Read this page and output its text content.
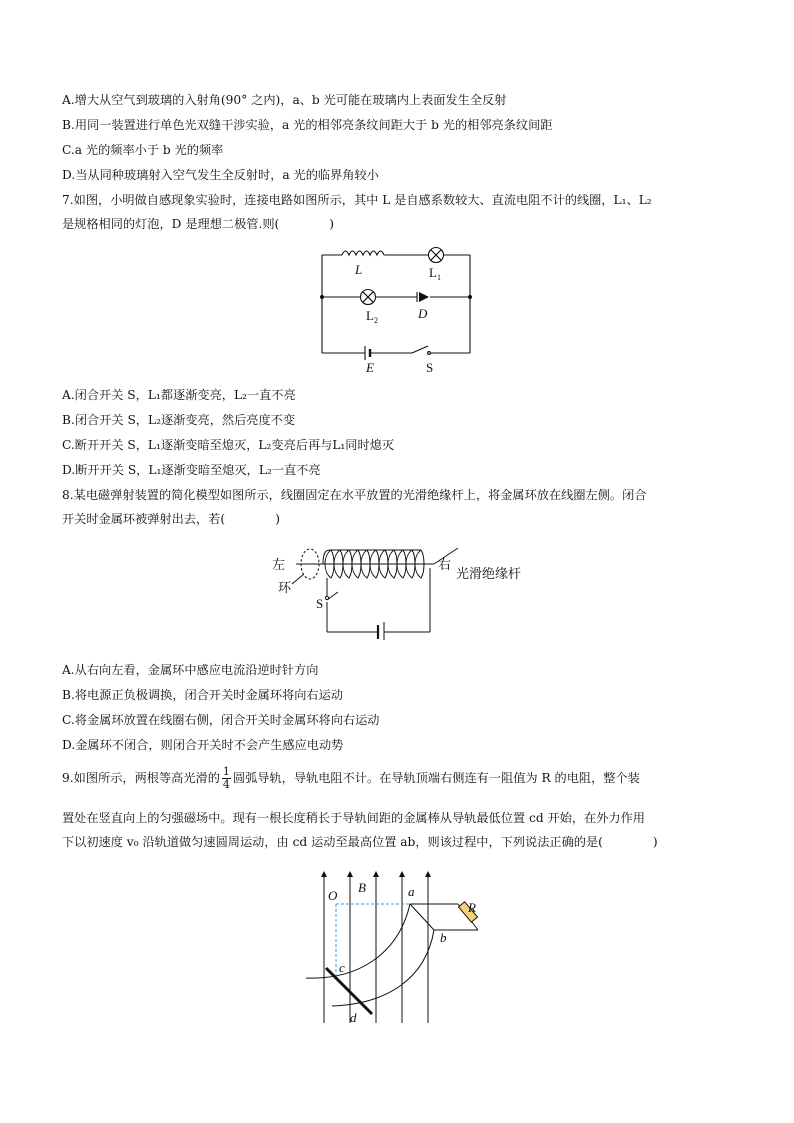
A.增大从空气到玻璃的入射角(90° 之内)，a、b 光可能在玻璃内上表面发生全反射
B.用同一装置进行单色光双缝干涉实验，a 光的相邻亮条纹间距大于 b 光的相邻亮条纹间距
C.a 光的频率小于 b 光的频率
D.当从同种玻璃射入空气发生全反射时，a 光的临界角较小
7.如图，小明做自感现象实验时，连接电路如图所示，其中 L 是自感系数较大、直流电阻不计的线圈，L₁、L₂
是规格相同的灯泡，D 是理想二极管.则(	)
L	$L_1$
$L_2$	D
E	S
A.闭合开关 S，L₁都逐渐变亮，L₂一直不亮
B.闭合开关 S，L₂逐渐变亮，然后亮度不变
C.断开开关 S，L₁逐渐变暗至熄灭，L₂变亮后再与L₁同时熄灭
D.断开开关 S，L₁逐渐变暗至熄灭，L₂一直不亮
8.某电磁弹射装置的简化模型如图所示，线圈固定在水平放置的光滑绝缘杆上，将金属环放在线圈左侧。闭合
开关时金属环被弹射出去，若(	)
左	右
环
S
光滑绝缘杆
A.从右向左看，金属环中感应电流沿逆时针方向
B.将电源正负极调换，闭合开关时金属环将向右运动
C.将金属环放置在线圈右侧，闭合开关时金属环将向右运动
D.金属环不闭合，则闭合开关时不会产生感应电动势
9.如图所示，两根等高光滑的 $\frac{1}{4}$ 圆弧导轨，导轨电阻不计。在导轨顶端右侧连有一阻值为 R 的电阻，整个装
置处在竖直向上的匀强磁场中。现有一根长度稍长于导轨间距的金属棒从导轨最低位置 cd 开始，在外力作用
下以初速度 v₀ 沿轨道做匀速圆周运动，由 cd 运动至最高位置 ab，则该过程中，下列说法正确的是(	)
O
B	a
b
c
d
R
